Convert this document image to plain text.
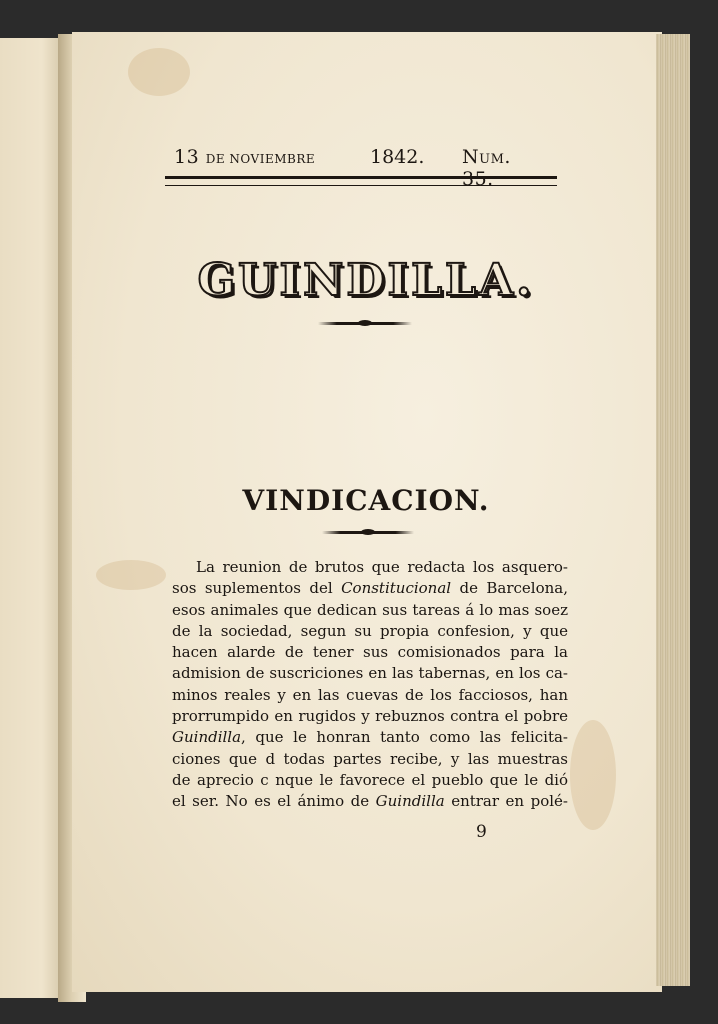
13 DE NOVIEMBRE	1842. Num. 35.
GUINDILLA.
VINDICACION.
La reunion de brutos que redacta los asquero-
sos suplementos del Constitucional de Barcelona,
esos animales que dedican sus tareas á lo mas soez
de la sociedad, segun su propia confesion, y que
hacen alarde de tener sus comisionados para la
admision de suscriciones en las tabernas, en los ca-
minos reales y en las cuevas de los facciosos, han
prorrumpido en rugidos y rebuznos contra el pobre
Guindilla, que le honran tanto como las felicita-
ciones que d todas partes recibe, y las muestras
de aprecio c nque le favorece el pueblo que le dió
el ser. No es el ánimo de Guindilla entrar en polé-
9
